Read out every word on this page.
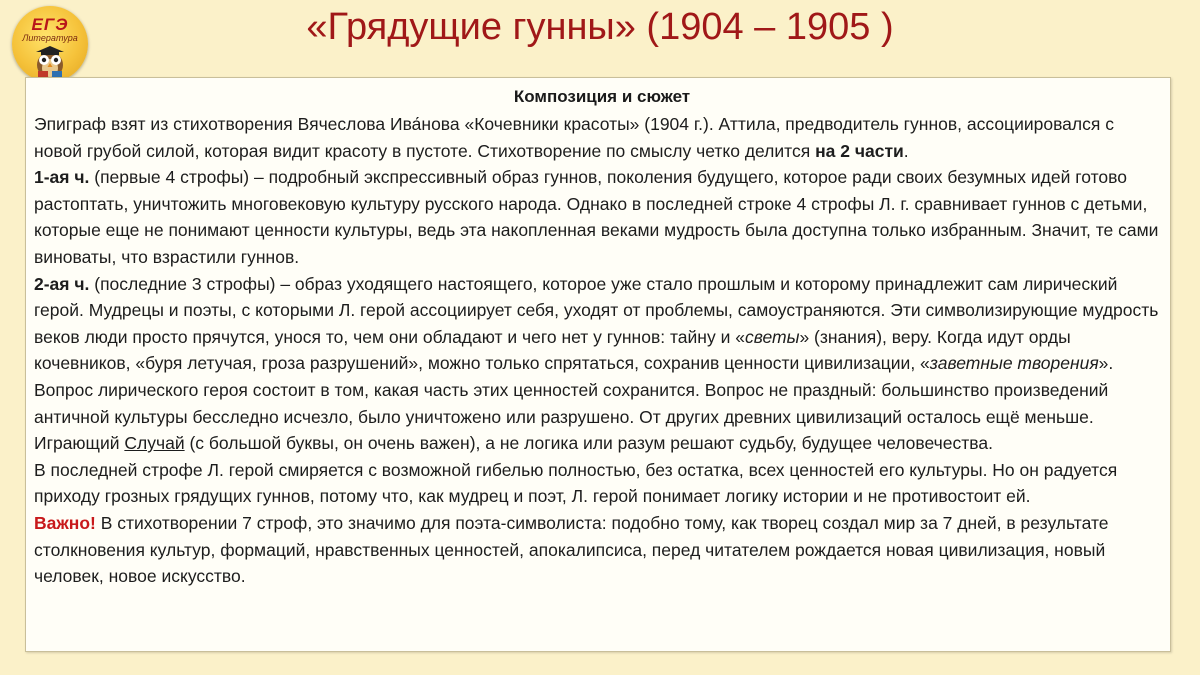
ЕГЭ
Литература	«Грядущие гунны» (1904 – 1905 )
Композиция и сюжет

Эпиграф взят из стихотворения Вячеслова Ива́нова «Кочевники красоты» (1904 г.). Аттила, предводитель гуннов, ассоциировался с новой грубой силой, которая видит красоту в пустоте. Стихотворение по смыслу четко делится на 2 части.

1-ая ч. (первые 4 строфы) – подробный экспрессивный образ гуннов, поколения будущего, которое ради своих безумных идей готово растоптать, уничтожить многовековую культуру русского народа. Однако в последней строке 4 строфы Л. г. сравнивает гуннов с детьми, которые еще не понимают ценности культуры, ведь эта накопленная веками мудрость была доступна только избранным. Значит, те сами виноваты, что взрастили гуннов.

2-ая ч. (последние 3 строфы) – образ уходящего настоящего, которое уже стало прошлым и которому принадлежит сам лирический герой. Мудрецы и поэты, с которыми Л. герой ассоциирует себя, уходят от проблемы, самоустраняются. Эти символизирующие мудрость веков люди просто прячутся, унося то, чем они обладают и чего нет у гуннов: тайну и «светы» (знания), веру. Когда идут орды кочевников, «буря летучая, гроза разрушений», можно только спрятаться, сохранив ценности цивилизации, «заветные творения». Вопрос лирического героя состоит в том, какая часть этих ценностей сохранится. Вопрос не праздный: большинство произведений античной культуры бесследно исчезло, было уничтожено или разрушено. От других древних цивилизаций осталось ещё меньше.

Играющий Случай (с большой буквы, он очень важен), а не логика или разум решают судьбу, будущее человечества.

В последней строфе Л. герой смиряется с возможной гибелью полностью, без остатка, всех ценностей его культуры. Но он радуется приходу грозных грядущих гуннов, потому что, как мудрец и поэт, Л. герой понимает логику истории и не противостоит ей.

Важно! В стихотворении 7 строф, это значимо для поэта-символиста: подобно тому, как творец создал мир за 7 дней, в результате столкновения культур, формаций, нравственных ценностей, апокалипсиса, перед читателем рождается новая цивилизация, новый человек, новое искусство.
